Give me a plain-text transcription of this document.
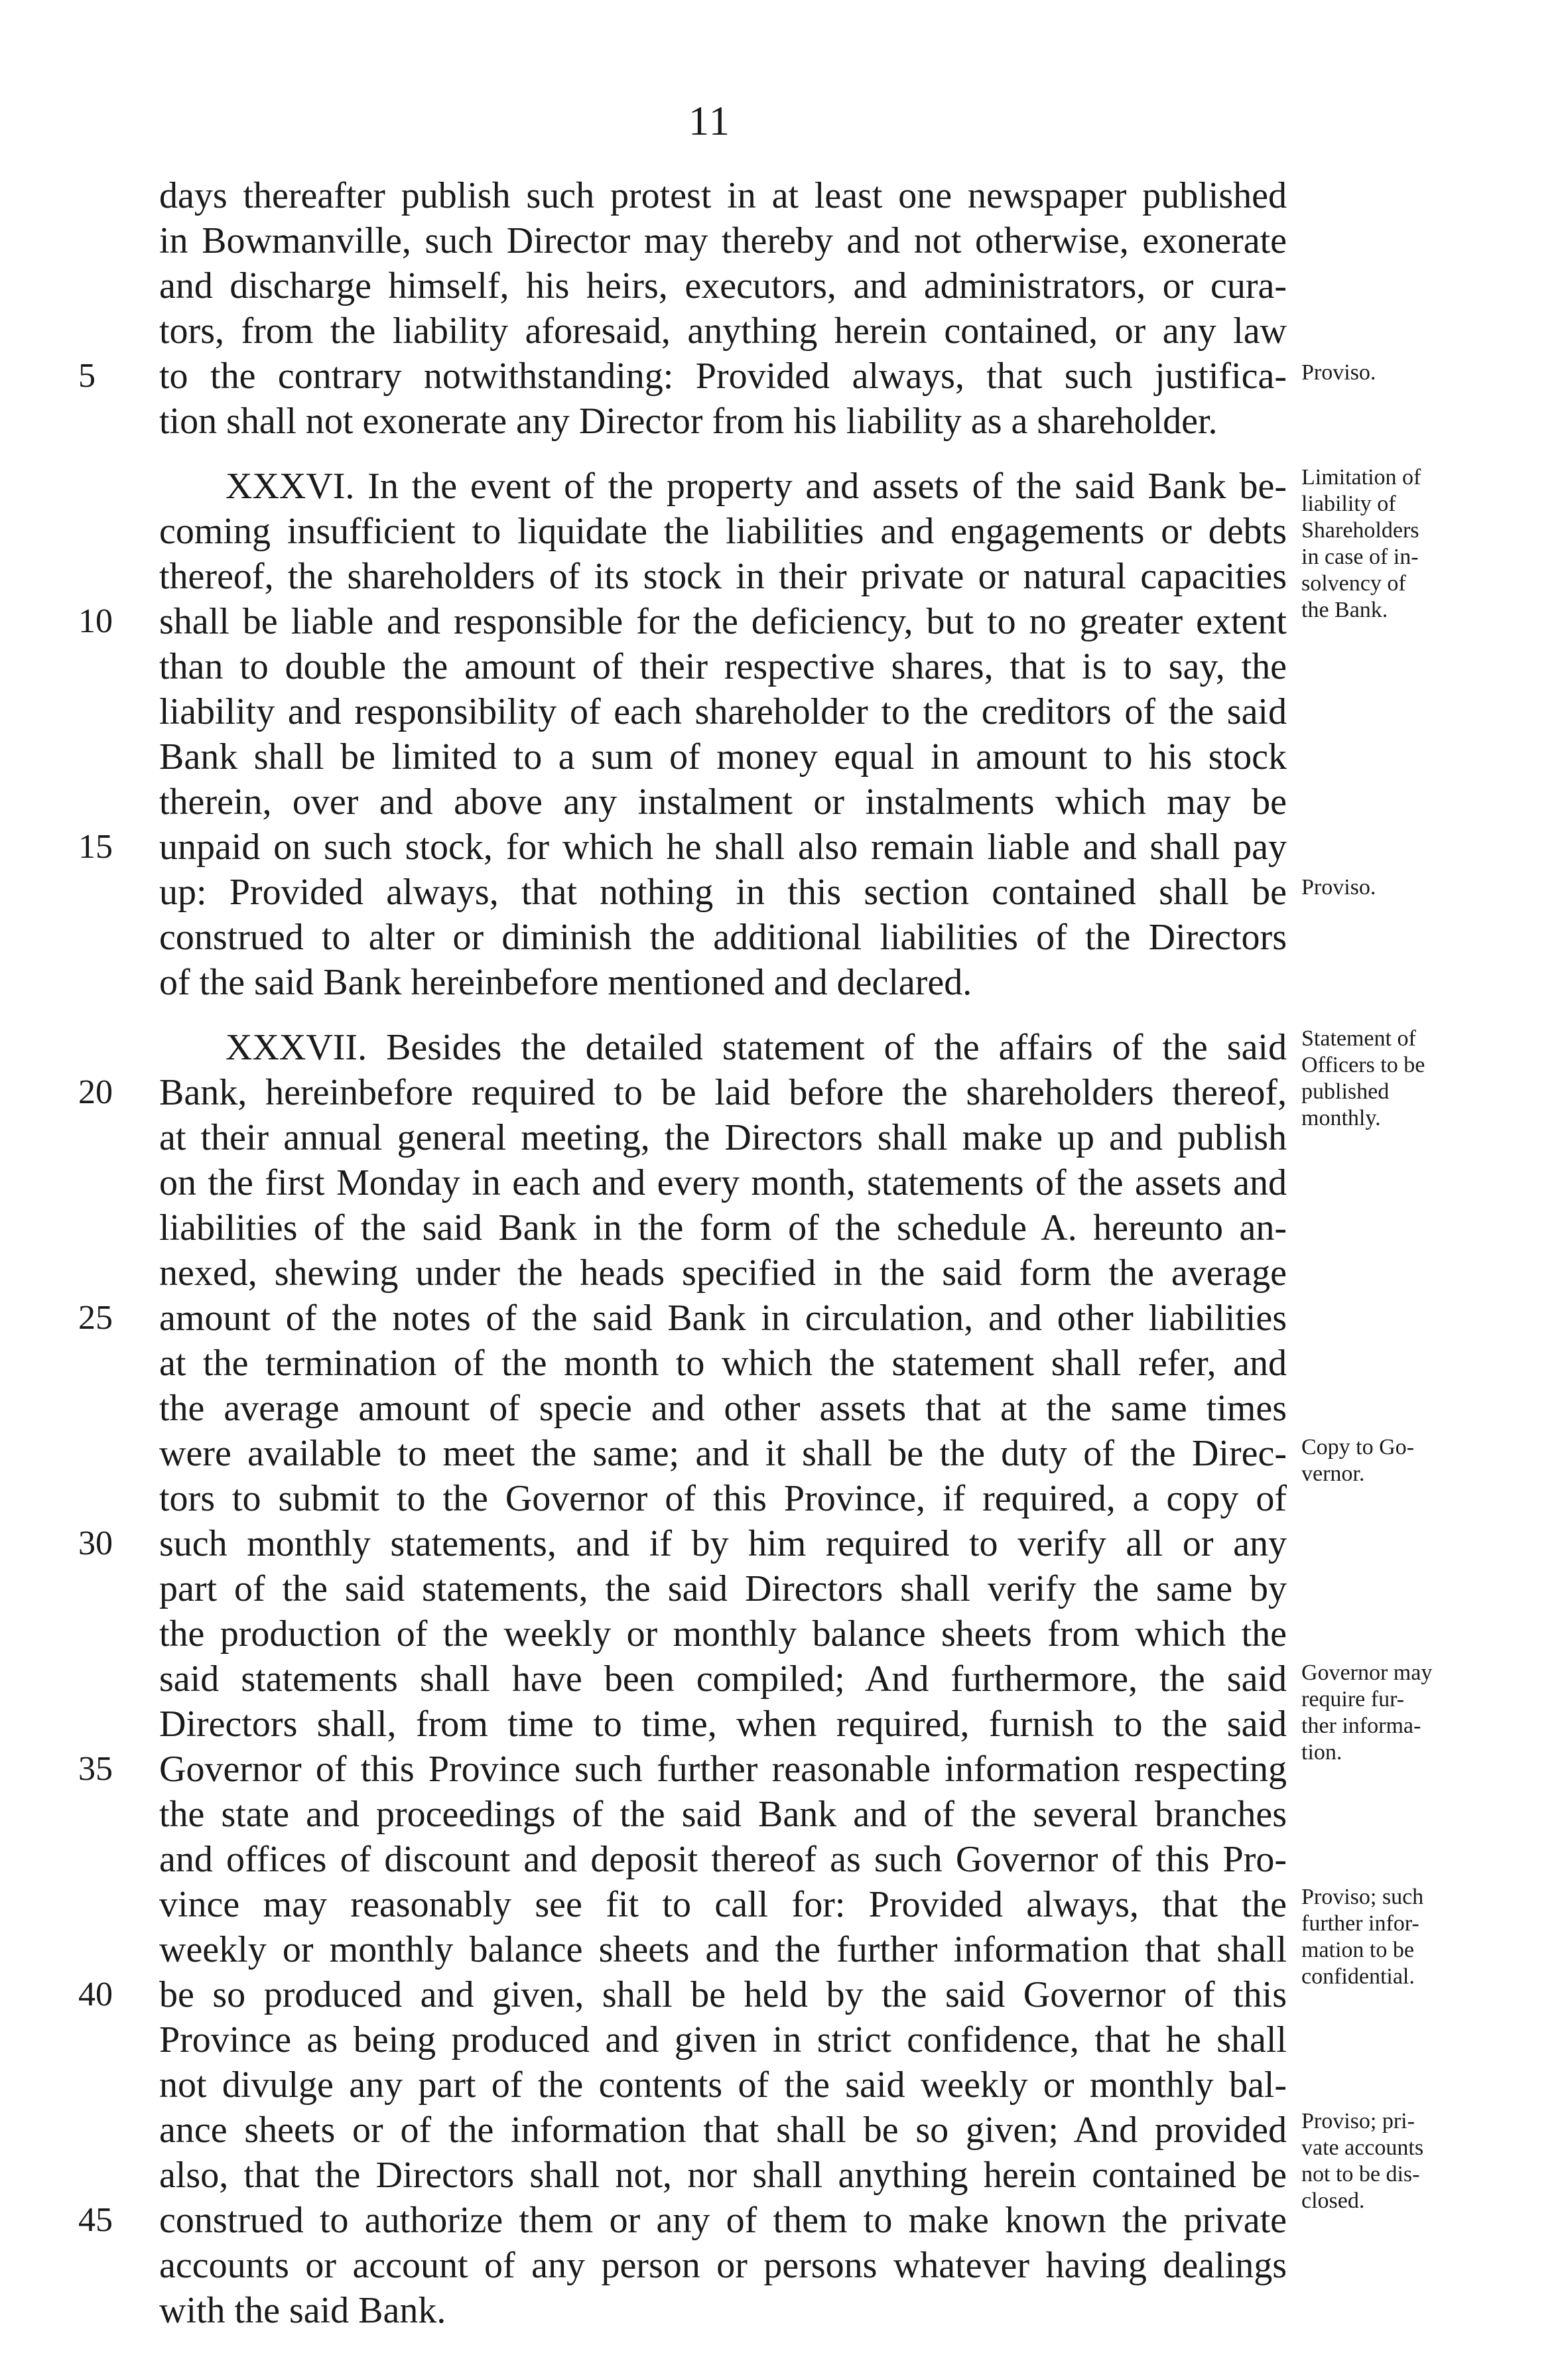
11
days thereafter publish such protest in at least one newspaper published
in Bowmanville, such Director may thereby and not otherwise, exonerate
and discharge himself, his heirs, executors, and administrators, or cura-
tors, from the liability aforesaid, anything herein contained, or any law
to the contrary notwithstanding: Provided always, that such justifica-
5
tion shall not exonerate any Director from his liability as a shareholder.
XXXVI. In the event of the property and assets of the said Bank be-
coming insufficient to liquidate the liabilities and engagements or debts
thereof, the shareholders of its stock in their private or natural capacities
shall be liable and responsible for the deficiency, but to no greater extent
10
than to double the amount of their respective shares, that is to say, the
liability and responsibility of each shareholder to the creditors of the said
Bank shall be limited to a sum of money equal in amount to his stock
therein, over and above any instalment or instalments which may be
unpaid on such stock, for which he shall also remain liable and shall pay
15
up: Provided always, that nothing in this section contained shall be
construed to alter or diminish the additional liabilities of the Directors
of the said Bank hereinbefore mentioned and declared.
XXXVII. Besides the detailed statement of the affairs of the said
Bank, hereinbefore required to be laid before the shareholders thereof,
20
at their annual general meeting, the Directors shall make up and publish
on the first Monday in each and every month, statements of the assets and
liabilities of the said Bank in the form of the schedule A. hereunto an-
nexed, shewing under the heads specified in the said form the average
amount of the notes of the said Bank in circulation, and other liabilities
25
at the termination of the month to which the statement shall refer, and
the average amount of specie and other assets that at the same times
were available to meet the same; and it shall be the duty of the Direc-
tors to submit to the Governor of this Province, if required, a copy of
such monthly statements, and if by him required to verify all or any
30
part of the said statements, the said Directors shall verify the same by
the production of the weekly or monthly balance sheets from which the
said statements shall have been compiled; And furthermore, the said
Directors shall, from time to time, when required, furnish to the said
Governor of this Province such further reasonable information respecting
35
the state and proceedings of the said Bank and of the several branches
and offices of discount and deposit thereof as such Governor of this Pro-
vince may reasonably see fit to call for: Provided always, that the
weekly or monthly balance sheets and the further information that shall
be so produced and given, shall be held by the said Governor of this
40
Province as being produced and given in strict confidence, that he shall
not divulge any part of the contents of the said weekly or monthly bal-
ance sheets or of the information that shall be so given; And provided
also, that the Directors shall not, nor shall anything herein contained be
construed to authorize them or any of them to make known the private
45
accounts or account of any person or persons whatever having dealings
with the said Bank.
Proviso.
Limitation of
liability of
Shareholders
in case of in-
solvency of
the Bank.
Proviso.
Statement of
Officers to be
published
monthly.
Copy to Go-
vernor.
Governor may
require fur-
ther informa-
tion.
Proviso; such
further infor-
mation to be
confidential.
Proviso; pri-
vate accounts
not to be dis-
closed.
